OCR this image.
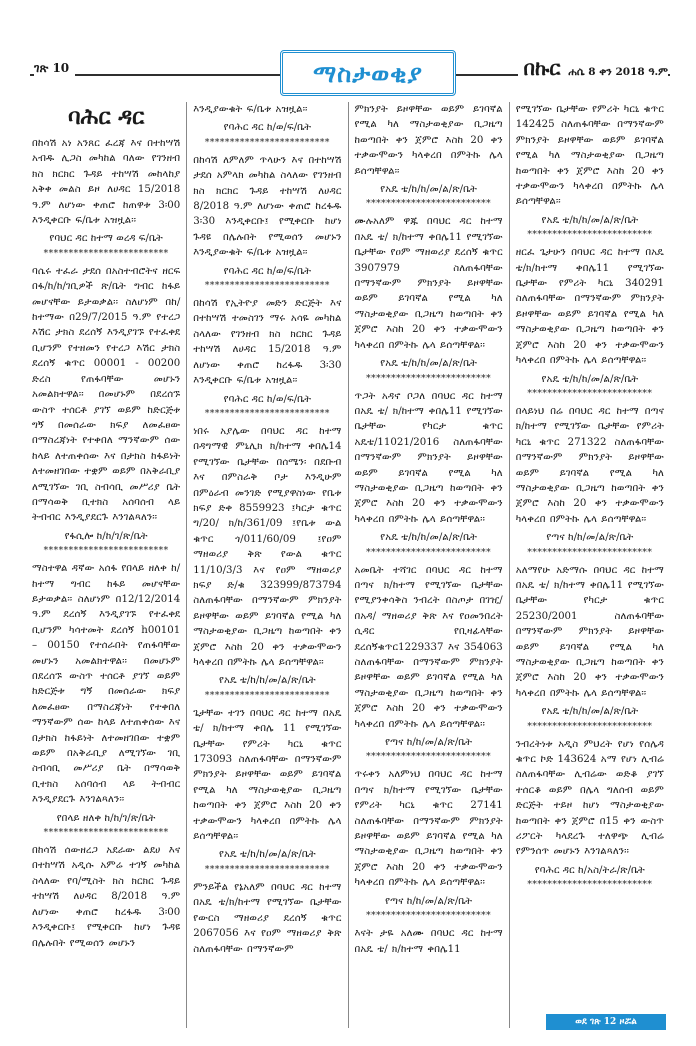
ገጽ 10	ማስታወቂያ	በኩር ሐሴ 8 ቀን 2018 ዓ.ም
ባሕር ዳር

በከሳሽ አነ አንጸር ፈረጃ እና በተከሣሽ አብዱ ሊጋስ መካከል ባለው የገንዘብ ክስ ክርክር ጉዳይ ተከሣሽ መከላከያ አቅቀ መልስ ይዞ ለሀዳር 15/2018 ዓ.ም ለሆነው ቀጠሮ ከጠዋቱ 3፡00 እንዲቀርቡ ፍ/ቤቱ አዝዟል፡፡

የባህር ዳር ከተማ ወረዳ ፍ/ቤት
*************************

ባሴሩ ተፈራ ታደሰ በአስተብሮትና ዘርፍ በፋ/ከ/ከ/ገቢዎች ጽ/ቤት ግብር ከፋይ መሆናቸው ይታወቃል፡፡ ስለሆነም በከ/ከተማው በ29/7/2015 ዓ.ም የተረጋ እሽር ታክስ ደረሰኝ እንዲያገኙ የተፈቀደ ቢሆንም የተዘመን የተረጋ እሽር ታክስ ደረሰኝ ቁጥር 00001 - 00200 ድረስ የጠፋባቸው መሆኑን አመልክተዋል፡፡ በመሆኑም በደረሰኙ ውስጥ ተሰርቶ ያገኘ ወይም ከድርጅቱ ግኝ በመሰራው ክፍያ ለመፈፀው በማስረጃነት የተቀበለ ማንኛውም ሰው ከላይ ለተጠቀሰው እና በታክስ ከፋይነት ለተመዘገበው ተቋም ወይም በአቅራቢያ ለሚገኘው ገቢ ስብሳቢ መሥሪያ ቤት በማሳወቅ ቢተክስ አሰባሰብ ላይ ትብብር እንዲያደርጉ እንገልጻለን፡፡

የፋሲሎ ከ/ከ/ገ/ጽ/ቤት
*************************

ማስተዋል ዳኛው አሰፋ የበላይ ዘለቀ ከ/ከተማ ግብር ከፋይ መሆናቸው ይታወቃል፡፡ ስለሆነም በ12/12/2014 ዓ.ም ደረሰኝ እንዲያገኙ የተፈቀደ ቢሆንም ካሳተመት ደረሰኝ h00101 – 00150 የተሰራበት የጠፋባቸው መሆኑን አመልክተዋል፡፡ በመሆኑም በደረሰኙ ውስጥ ተሰርቶ ያገኘ ወይም ከድርጅቱ ግኝ በመሰራው ክፍያ ለመፈፀው በማስረጃነት የተቀበለ ማንኛውም ሰው ከላይ ለተጠቀሰው እና በታክስ ከፋይነት ለተመዘገበው ተቋም ወይም በአቅራቢያ ለሚገኘው ገቢ ስብሳቢ መሥሪያ ቤት በማሳወቅ ቢተክስ አሰባሰብ ላይ ትብብር እንዲያደርጉ እንገልጻለን፡፡

የበላይ ዘለቀ ከ/ከ/ገ/ጽ/ቤት
*************************

በከሳሽ ሰውዘረጋ አደራው ልደሀ እና በተከሣሽ አዲሱ አምሬ ተገኝ መካከል ስላለው የባ/ሚስት ክስ ክርክር ጉዳይ ተከሣሽ ለሀዳር 8/2018 ዓ.ም ለሆነው ቀጠሮ ከረፋዱ 3፡00 እንዲቀርቡ፤ የሚቀርቡ ከሆነ ጉዳዩ በሌሉበት የሚወሰን መሆኑን

እንዲያውቁት ፍ/ቤቱ አዝዟል፡፡

የባሕር ዳር ከ/ወ/ፍ/ቤት
*************************

በከሳሽ ለምለም ጥላሁን እና በተከሣሽ ታደሰ አምላክ መካከል ስላለው የገንዘብ ክስ ክርክር ጉዳይ ተከሣሽ ለሀዳር 8/2018 ዓ.ም ለሆነው ቀጠሮ ከረፋዱ 3፡30 እንዲቀርቡ፤ የሚቀርቡ ከሆነ ጉዳዩ በሌሉበት የሚወሰን መሆኑን እንዲያውቁት ፍ/ቤቱ አዝዟል፡፡

የባሕር ዳር ከ/ወ/ፍ/ቤት
*************************

በከሳሽ የኢትዮያ መድን ድርጅት እና በተከሣሽ ተመስገን ማሩ አሳዬ መካከል ስላለው የገንዘብ ክስ ክርክር ጉዳይ ተከሣሽ ለሀዳር 15/2018 ዓ.ም ለሆነው ቀጠሮ ከረፋዱ 3፡30 እንዲቀርቡ ፍ/ቤቱ አዝዟል፡፡

የባሕር ዳር ከ/ወ/ፍ/ቤት
*************************

ነበሩ አያሌው በባህር ዳር ከተማ በዳግማዊ ምኒሊክ ክ/ከተማ ቀበሌ14 የሚገኘው ቤታቸው በሰሜን፡ በደቡብ እና በምስራቅ ቦታ እንዲሁም በምዕራብ መንገድ የሚያዋስነው የቤቱ ክፍያ ድቀ 8559923 ፤ካርታ ቁጥር ግ/20/ ክ/ከ/361/09 ፤የቤቱ ውል ቁጥር ጎ/011/60/09 ፤የዐም ማዘወሪያ ቅጽ የውል ቁጥር 11/10/3/3 እና የዐም ማዘወሪያ ክፍያ ድ/ቁ 323999/873794 ስለጠፋባቸው በማንኛውም ምክንያት ይዞዋቸው ወይም ይገባኛል የሚል ካለ ማስታወቂያው ቢጋዜጣ ከወጣበት ቀን ጀምሮ እስከ 20 ቀን ተቃውሞውን ካላቀረበ በምትኩ ሌላ ይሰጣቸዋል፡፡

የአዴ ቴ/ከ/ከ/መ/ል/ጽ/ቤት
*************************

ጌታቸው ተገን በባህር ዳር ከተማ በአዴ ቴ/ ክ/ከተማ ቀበሌ 11 የሚገኘው ቤታቸው የምሪት ካርኒ ቁጥር 173093 ስለጠፋባቸው በማንኛውም ምክንያት ይዞዋቸው ወይም ይገባኛል የሚል ካለ ማስታወቂያው ቢጋዜጣ ከወጣበት ቀን ጀምሮ እስከ 20 ቀን ተቃውሞውን ካላቀረበ በምትኩ ሌላ ይሰጣቸዋል፡፡

የአዴ ቴ/ከ/ከ/መ/ል/ጽ/ቤት
*************************

ምንይችል የኔአለም በባህር ዳር ከተማ በአዴ ቴ/ክ/ከተማ የሚገኘው ቤታቸው የውርስ ማዘወሪያ ደረሰኝ ቁጥር 2067056 እና የዐም ማዘወሪያ ቅጽ ስለጠፋባቸው በማንኛውም

ምክንያት ይዞዋቸው ወይም ይገባኛል የሚል ካለ ማስታወቂያው ቢጋዜጣ ከወጣበት ቀን ጀምሮ እስከ 20 ቀን ተቃውሞውን ካላቀረበ በምትኩ ሌላ ይሰጣቸዋል፡፡

የአዴ ቴ/ከ/ከ/መ/ል/ጽ/ቤት
*************************

ሙሉአለም ዋጁ በባህር ዳር ከተማ በአዴ ቴ/ ክ/ከተማ ቀበሌ11 የሚገኘው ቤታቸው የዐም ማዘወሪያ ደረሰኝ ቁጥር 3907979 ስለጠፋባቸው በማንኛውም ምክንያት ይዞዋቸው ወይም ይገባኛል የሚል ካለ ማስታወቂያው ቢጋዜጣ ከወጣበት ቀን ጀምሮ እስከ 20 ቀን ተቃውሞውን ካላቀረበ በምትኩ ሌላ ይሰጣቸዋል፡፡

የአዴ ቴ/ከ/ከ/መ/ል/ጽ/ቤት
*************************

ጥጋት አዳኖ ቦጋለ በባህር ዳር ከተማ በአዴ ቴ/ ክ/ከተማ ቀበሌ11 የሚገኘው ቤታቸው የካርታ ቁጥር አዴቴ/11021/2016 ስለጠፋባቸው በማንኛውም ምክንያት ይዞዋቸው ወይም ይገባኛል የሚል ካለ ማስታወቂያው ቢጋዜጣ ከወጣበት ቀን ጀምሮ እስከ 20 ቀን ተቃውሞውን ካላቀረበ በምትኩ ሌላ ይሰጣቸዋል፡፡

የአዴ ቴ/ከ/ከ/መ/ል/ጽ/ቤት
*************************

አመቤት ተሻገር በባህር ዳር ከተማ በጣና ክ/ከተማ የሚገኘው ቤታቸው የሚያንቀሳቅስ ንብረት በስጦታ በገዢ/በአዳ/ ማዘወሪያ ቅጽ እና የዐመንበረት ሲዳር የቢዛፊላቸው ደረሰኝቁጥር1229337 እና 354063 ስለጠፋባቸው በማንኛውም ምክንያት ይዞዋቸው ወይም ይገባኛል የሚል ካለ ማስታወቂያው ቢጋዜጣ ከወጣበት ቀን ጀምሮ እስከ 20 ቀን ተቃውሞውን ካላቀረበ በምትኩ ሌላ ይሰጣቸዋል፡፡

የጣና ከ/ከ/መ/ል/ጽ/ቤት
*************************

ጥሩቀን አለምነህ በባህር ዳር ከተማ በጣና ክ/ከተማ የሚገኘው ቤታቸው የምሪት ካርኒ ቁጥር 27141 ስለጠፋባቸው በማንኛውም ምክንያት ይዞዋቸው ወይም ይገባኛል የሚል ካለ ማስታወቂያው ቢጋዜጣ ከወጣበት ቀን ጀምሮ እስከ 20 ቀን ተቃውሞውን ካላቀረበ በምትኩ ሌላ ይሰጣቸዋል፡፡

የጣና ከ/ከ/መ/ል/ጽ/ቤት
*************************

እናት ታዬ አለሙ በባህር ዳር ከተማ በአዴ ቴ/ ክ/ከተማ ቀበሌ11

የሚገኘው ቤታቸው የምሪት ካርኒ ቁጥር 142425 ስለጠፋባቸው በማንኛውም ምክንያት ይዞዋቸው ወይም ይገባኛል የሚል ካለ ማስታወቂያው ቢጋዜጣ ከወጣበት ቀን ጀምሮ እስከ 20 ቀን ተቃውሞውን ካላቀረበ በምትኩ ሌላ ይሰጣቸዋል፡፡

የአዴ ቴ/ከ/ከ/መ/ል/ጽ/ቤት
*************************

ዘርፈ ጌታሁን በባህር ዳር ከተማ በአዴ ቴ/ክ/ከተማ ቀበሌ11 የሚገኘው ቤታቸው የምሪት ካርኒ 340291 ስለጠፋባቸው በማንኛውም ምክንያት ይዞዋቸው ወይም ይገባኛል የሚል ካለ ማስታወቂያው ቢጋዜጣ ከወጣበት ቀን ጀምሮ እስከ 20 ቀን ተቃውሞውን ካላቀረበ በምትኩ ሌላ ይሰጣቸዋል፡፡

የአዴ ቴ/ከ/ከ/መ/ል/ጽ/ቤት
*************************

በላይነህ በሬ በባህር ዳር ከተማ በጣና ክ/ከተማ የሚገኘው ቤታቸው የምሪት ካርኒ ቁጥር 271322 ስለጠፋባቸው በማንኛውም ምክንያት ይዞዋቸው ወይም ይገባኛል የሚል ካለ ማስታወቂያው ቢጋዜጣ ከወጣበት ቀን ጀምሮ እስከ 20 ቀን ተቃውሞውን ካላቀረበ በምትኩ ሌላ ይሰጣቸዋል፡፡

የጣና ከ/ከ/መ/ል/ጽ/ቤት
*************************

አለማየሁ አድማሱ በባህር ዳር ከተማ በአዴ ቴ/ ክ/ከተማ ቀበሌ11 የሚገኘው ቤታቸው የካርታ ቁጥር 25230/2001 ስለጠፋባቸው በማንኛውም ምክንያት ይዞዋቸው ወይም ይገባኛል የሚል ካለ ማስታወቂያው ቢጋዜጣ ከወጣበት ቀን ጀምሮ እስከ 20 ቀን ተቃውሞውን ካላቀረበ በምትኩ ሌላ ይሰጣቸዋል፡፡

የአዴ ቴ/ከ/ከ/መ/ል/ጽ/ቤት
*************************

ንብረትነቱ አዲስ ምህረት የሆነ የሰሌዳ ቁጥር ኮድ 143624 አማ የሆነ ሊብሬ ስለጠፋባቸው ሊብሬው ወድቆ ያገኘ ተሰርቆ ወይም በሌላ ግለሰብ ወይም ድርጅት ተይዞ ከሆነ ማስታወቂያው ከወጣበት ቀን ጀምሮ በ15 ቀን ውስጥ ሪፖርት ካላደረጉ ተለዋጭ ሊብሬ የምንሰጥ መሆኑን እንገልጻለን፡፡

የባሕር ዳር ከ/አስ/ትራ/ጽ/ቤት
*************************
ወደ ገጽ 12 ዞሯል
